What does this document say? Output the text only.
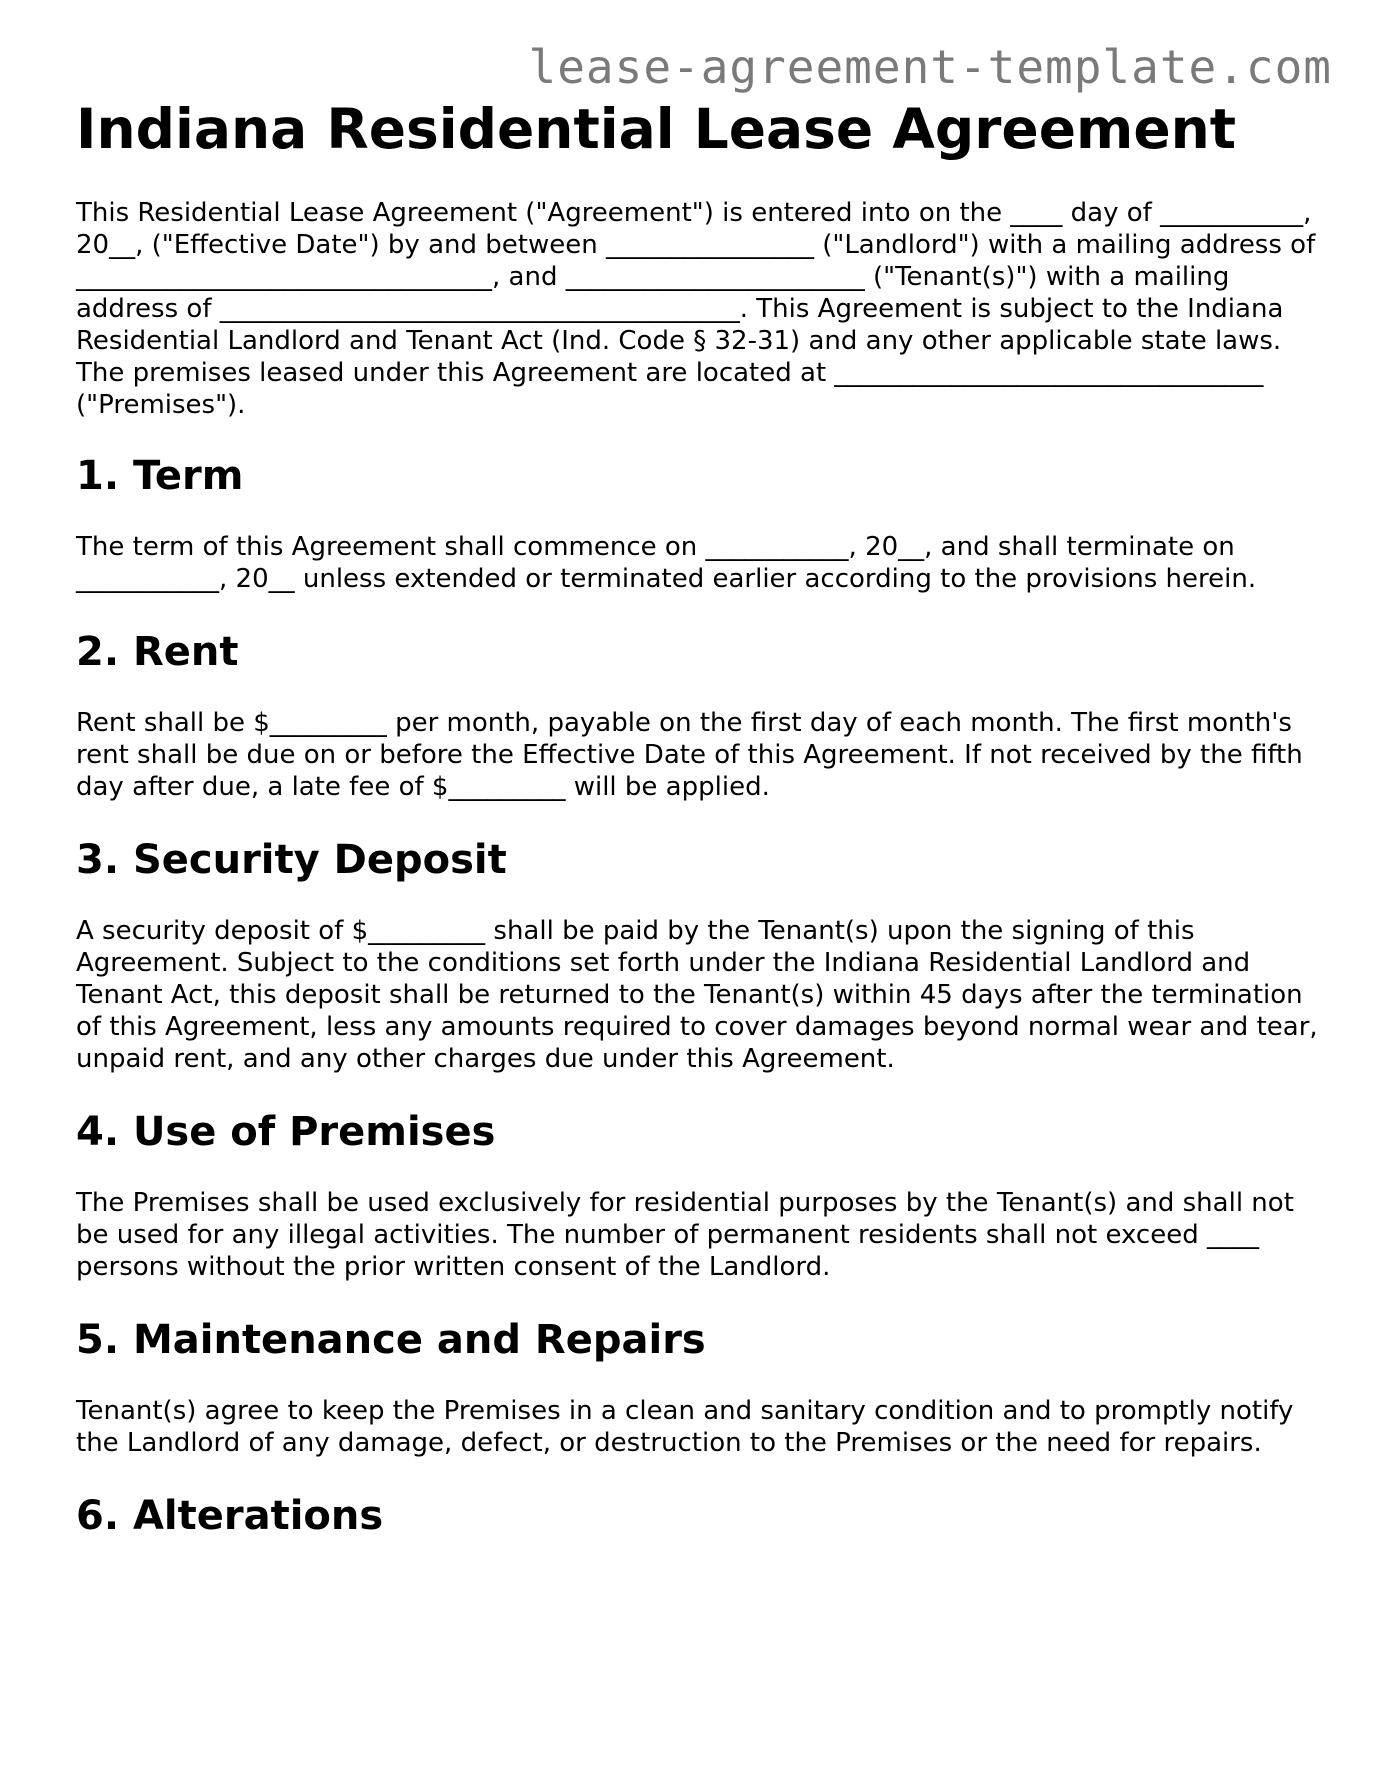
lease-agreement-template.com
Indiana Residential Lease Agreement

This Residential Lease Agreement ("Agreement") is entered into on the ____ day of ___________, 20__, ("Effective Date") by and between ________________ ("Landlord") with a mailing address of ________________________________, and _______________________ ("Tenant(s)") with a mailing address of ________________________________________. This Agreement is subject to the Indiana Residential Landlord and Tenant Act (Ind. Code § 32-31) and any other applicable state laws. The premises leased under this Agreement are located at _________________________________ ("Premises").

1. Term

The term of this Agreement shall commence on ___________, 20__, and shall terminate on ___________, 20__ unless extended or terminated earlier according to the provisions herein.

2. Rent

Rent shall be $_________ per month, payable on the first day of each month. The first month's rent shall be due on or before the Effective Date of this Agreement. If not received by the fifth day after due, a late fee of $_________ will be applied.

3. Security Deposit

A security deposit of $_________ shall be paid by the Tenant(s) upon the signing of this Agreement. Subject to the conditions set forth under the Indiana Residential Landlord and Tenant Act, this deposit shall be returned to the Tenant(s) within 45 days after the termination of this Agreement, less any amounts required to cover damages beyond normal wear and tear, unpaid rent, and any other charges due under this Agreement.

4. Use of Premises

The Premises shall be used exclusively for residential purposes by the Tenant(s) and shall not be used for any illegal activities. The number of permanent residents shall not exceed ____ persons without the prior written consent of the Landlord.

5. Maintenance and Repairs

Tenant(s) agree to keep the Premises in a clean and sanitary condition and to promptly notify the Landlord of any damage, defect, or destruction to the Premises or the need for repairs.

6. Alterations
